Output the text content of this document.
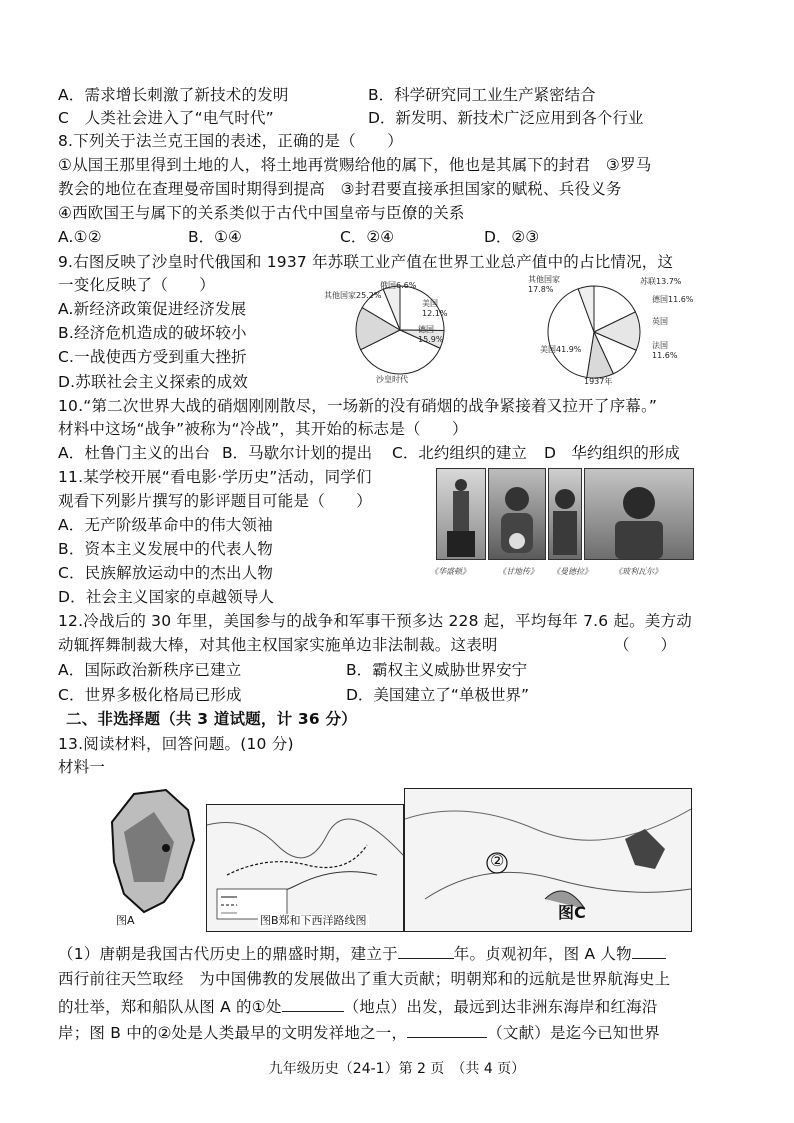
A．需求增长刺激了新技术的发明	B．科学研究同工业生产紧密结合
C　人类社会进入了“电气时代”	D．新发明、新技术广泛应用到各个行业
8.下列关于法兰克王国的表述，正确的是（　　）
①从国王那里得到土地的人，将土地再赏赐给他的属下，他也是其属下的封君　③罗马
教会的地位在查理曼帝国时期得到提高　③封君要直接承担国家的赋税、兵役义务
④西欧国王与属下的关系类似于古代中国皇帝与臣僚的关系
A.①②	B．①④	C．②④	D．②③
9.右图反映了沙皇时代俄国和 1937 年苏联工业产值在世界工业总产值中的占比情况，这
一变化反映了（　　）
A.新经济政策促进经济发展
B.经济危机造成的破坏较小
C.一战使西方受到重大挫折
D.苏联社会主义探索的成效
其他国家25.2%
俄国6.6%
美国
12.1%
德国
15.9%
沙皇时代
其他国家
17.8%
苏联13.7%
德国11.6%
英国
美国41.9%	法国
11.6%
1937年
10.“第二次世界大战的硝烟刚刚散尽，一场新的没有硝烟的战争紧接着又拉开了序幕。”
材料中这场“战争”被称为“冷战”，其开始的标志是（　　）
A．杜鲁门主义的出台 B．马歇尔计划的提出 C．北约组织的建立 D　华约组织的形成
11.某学校开展“看电影·学历史”活动，同学们
观看下列影片撰写的影评题目可能是（　　）
A．无产阶级革命中的伟大领袖
B．资本主义发展中的代表人物
C．民族解放运动中的杰出人物
D．社会主义国家的卓越领导人
《华盛顿》	《甘地传》 《曼德拉》	《玻利瓦尔》
12.冷战后的 30 年里，美国参与的战争和军事干预多达 228 起，平均每年 7.6 起。美方动
动辄挥舞制裁大棒，对其他主权国家实施单边非法制裁。这表明	（　　）
A．国际政治新秩序已建立	B．霸权主义威胁世界安宁
C．世界多极化格局已形成	D．美国建立了“单极世界”
二、非选择题（共 3 道试题，计 36 分）
13.阅读材料，回答问题。(10 分)
材料一
图A	图B郑和下西洋路线图
②
图C
（1）唐朝是我国古代历史上的鼎盛时期，建立于	年。贞观初年，图 A 人物
西行前往天竺取经　为中国佛教的发展做出了重大贡献；明朝郑和的远航是世界航海史上
的壮举，郑和船队从图 A 的①处	（地点）出发，最远到达非洲东海岸和红海沿
岸；图 B 中的②处是人类最早的文明发祥地之一，	（文献）是迄今已知世界
九年级历史（24-1）第 2 页　（共 4 页）
